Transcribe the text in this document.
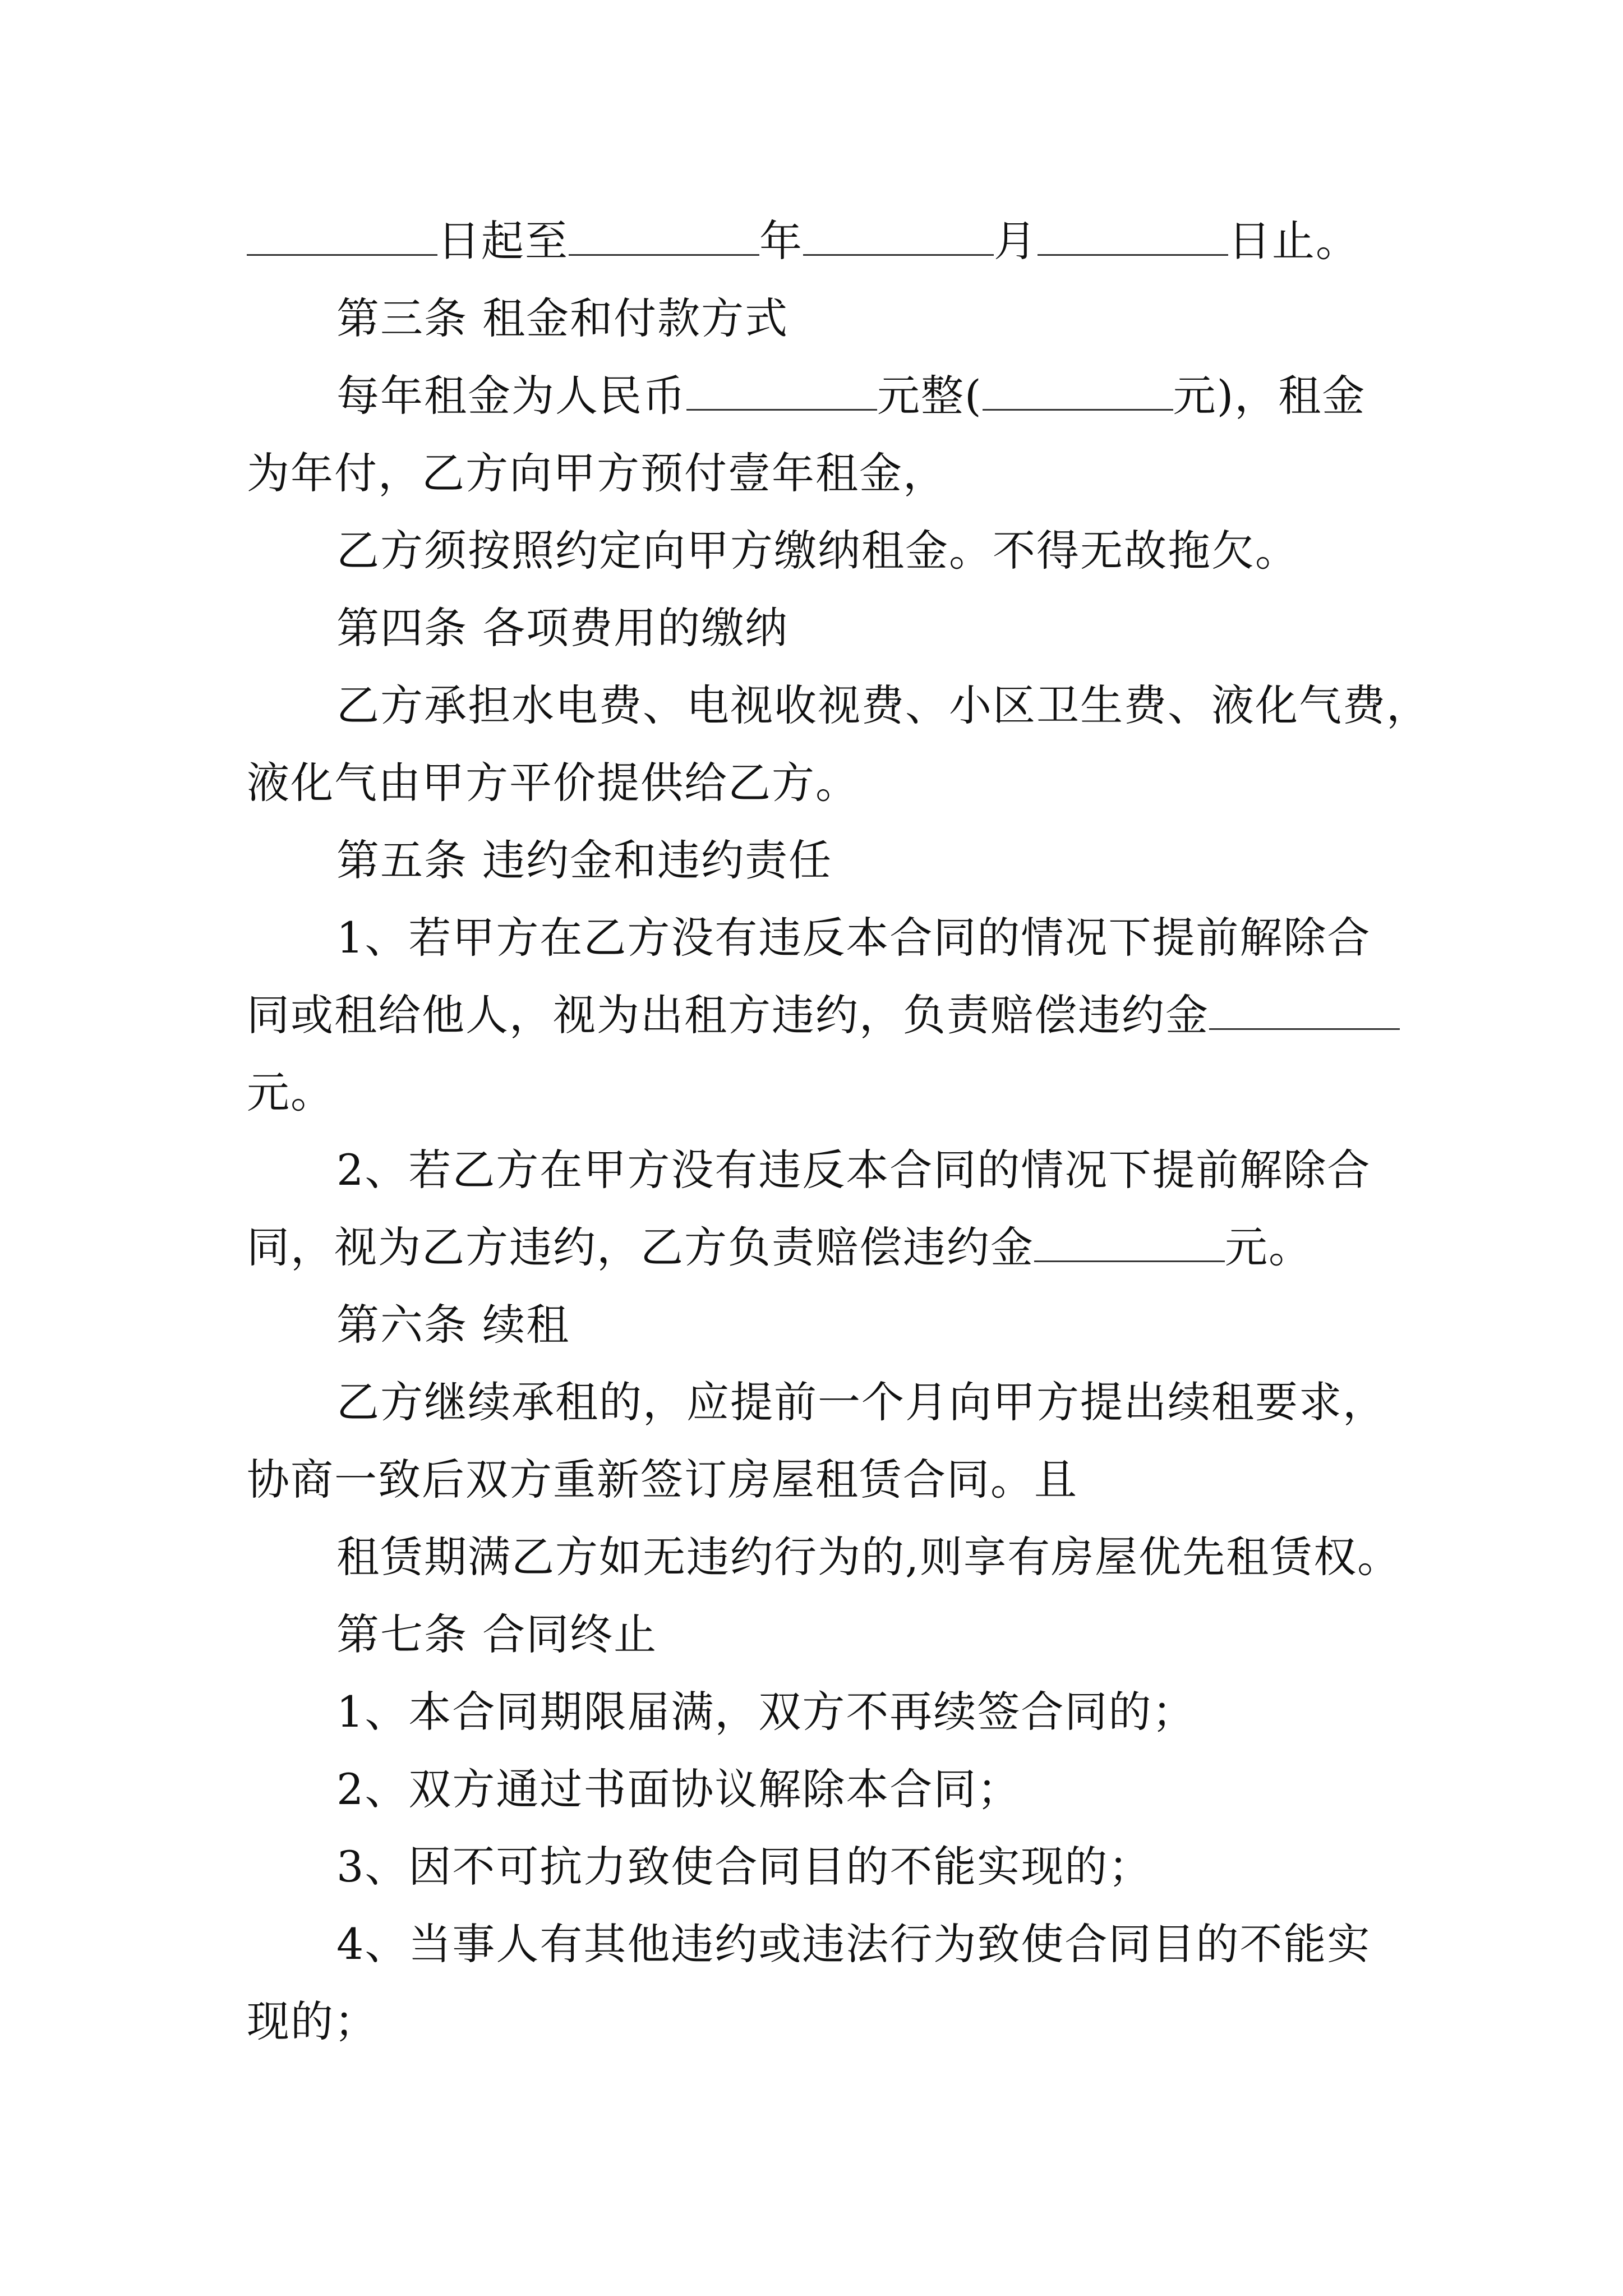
日起至	年	月	日止。
第三条 租金和付款方式
每年租金为人民币	元整(	元)，租金
为年付，乙方向甲方预付壹年租金，
乙方须按照约定向甲方缴纳租金。不得无故拖欠。
第四条 各项费用的缴纳
乙方承担水电费、电视收视费、小区卫生费、液化气费，
液化气由甲方平价提供给乙方。
第五条 违约金和违约责任
1、若甲方在乙方没有违反本合同的情况下提前解除合
同或租给他人，视为出租方违约，负责赔偿违约金
元。
2、若乙方在甲方没有违反本合同的情况下提前解除合
同，视为乙方违约，乙方负责赔偿违约金	元。
第六条 续租
乙方继续承租的，应提前一个月向甲方提出续租要求，
协商一致后双方重新签订房屋租赁合同。且
租赁期满乙方如无违约行为的,则享有房屋优先租赁权。
第七条 合同终止
1、本合同期限届满，双方不再续签合同的；
2、双方通过书面协议解除本合同；
3、因不可抗力致使合同目的不能实现的；
4、当事人有其他违约或违法行为致使合同目的不能实
现的；
